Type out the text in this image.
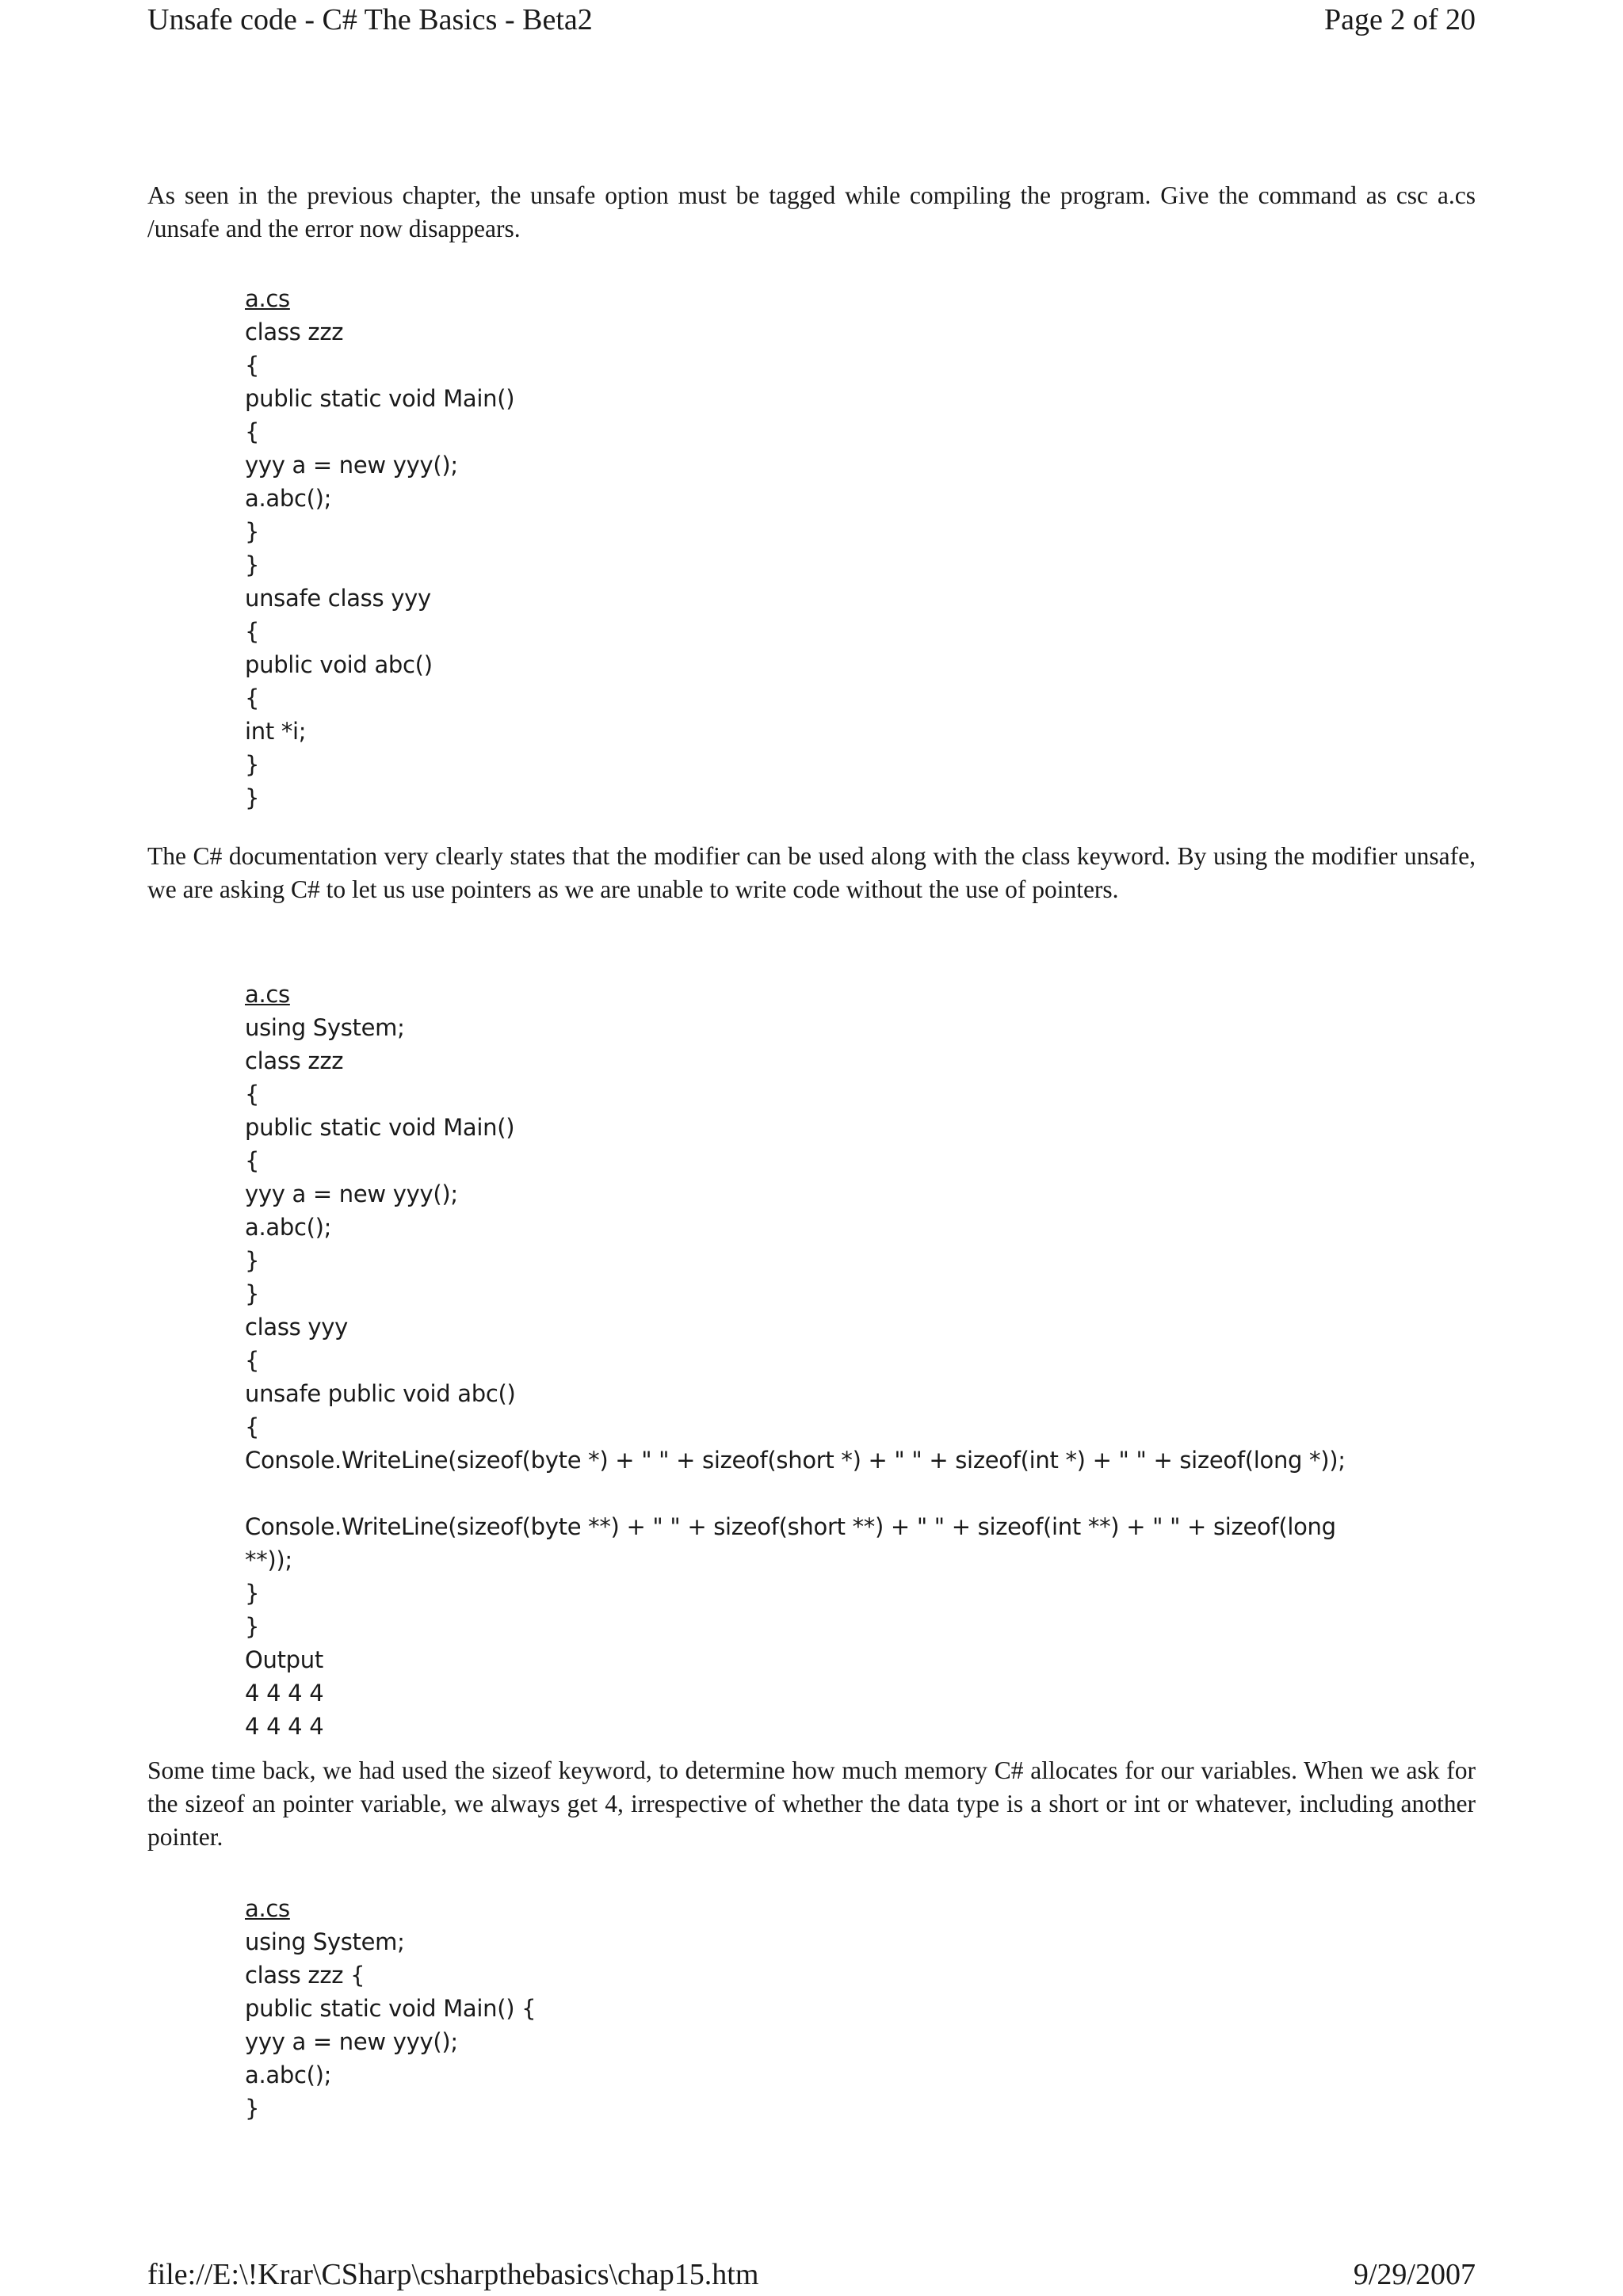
Unsafe code - C# The Basics - Beta2	Page 2 of 20

As seen in the previous chapter, the unsafe option must be tagged while compiling the program. Give the command as csc a.cs /unsafe and the error now disappears.

a.cs
class zzz
{
public static void Main()
{
yyy a = new yyy();
a.abc();
}
}
unsafe class yyy
{
public void abc()
{
int *i;
}
}

The C# documentation very clearly states that the modifier can be used along with the class keyword. By using the modifier unsafe, we are asking C# to let us use pointers as we are unable to write code without the use of pointers.

a.cs
using System;
class zzz
{
public static void Main()
{
yyy a = new yyy();
a.abc();
}
}
class yyy
{
unsafe public void abc()
{
Console.WriteLine(sizeof(byte *) + " " + sizeof(short *) + " " + sizeof(int *) + " " + sizeof(long *));
Console.WriteLine(sizeof(byte **) + " " + sizeof(short **) + " " + sizeof(int **) + " " + sizeof(long
**));
}
}
Output
4 4 4 4
4 4 4 4

Some time back, we had used the sizeof keyword, to determine how much memory C# allocates for our variables. When we ask for the sizeof an pointer variable, we always get 4, irrespective of whether the data type is a short or int or whatever, including another pointer.

a.cs
using System;
class zzz {
public static void Main() {
yyy a = new yyy();
a.abc();
}
file://E:\!Krar\CSharp\csharpthebasics\chap15.htm	9/29/2007
